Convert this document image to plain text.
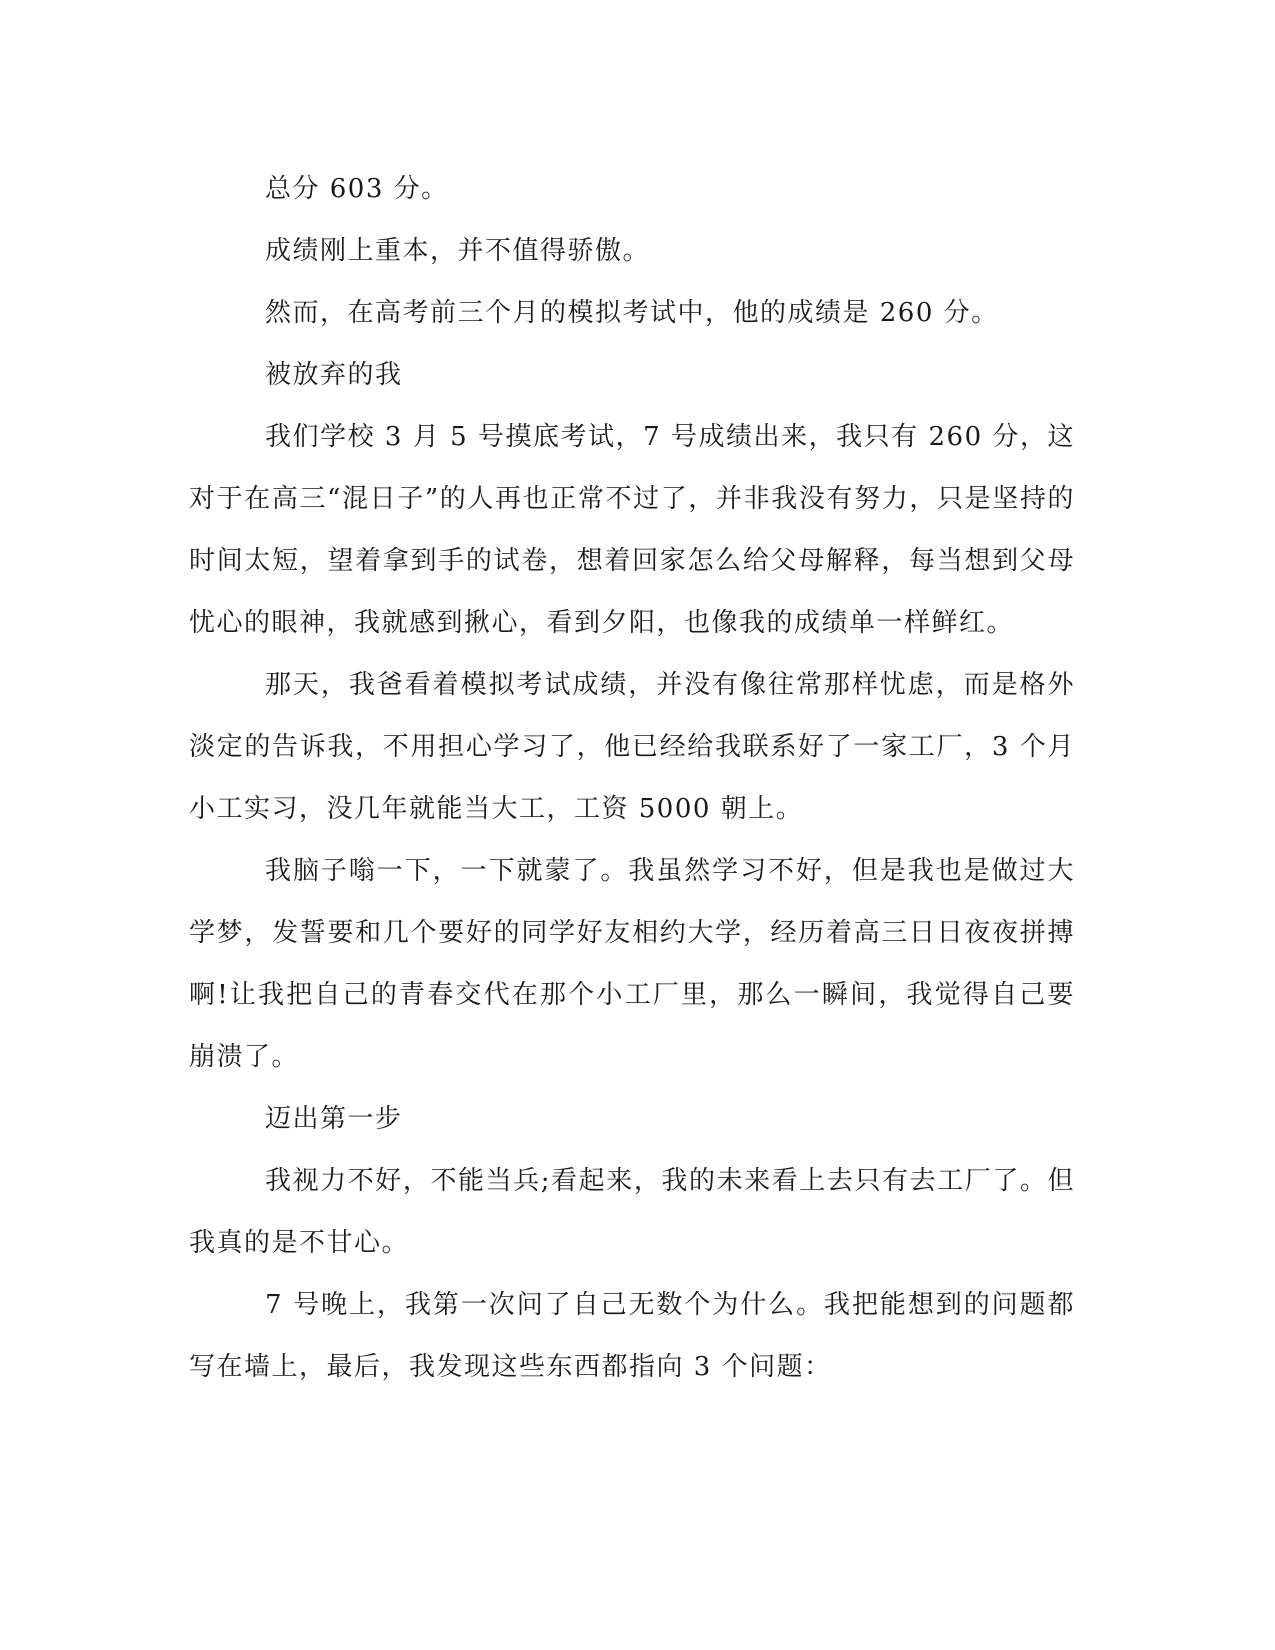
总分 603 分。

成绩刚上重本，并不值得骄傲。

然而，在高考前三个月的模拟考试中，他的成绩是 260 分。

被放弃的我

我们学校 3 月 5 号摸底考试，7 号成绩出来，我只有 260 分，这对于在高三“混日子”的人再也正常不过了，并非我没有努力，只是坚持的时间太短，望着拿到手的试卷，想着回家怎么给父母解释，每当想到父母忧心的眼神，我就感到揪心，看到夕阳，也像我的成绩单一样鲜红。

那天，我爸看着模拟考试成绩，并没有像往常那样忧虑，而是格外淡定的告诉我，不用担心学习了，他已经给我联系好了一家工厂，3 个月小工实习，没几年就能当大工，工资 5000 朝上。

我脑子嗡一下，一下就蒙了。我虽然学习不好，但是我也是做过大学梦，发誓要和几个要好的同学好友相约大学，经历着高三日日夜夜拼搏啊!让我把自己的青春交代在那个小工厂里，那么一瞬间，我觉得自己要崩溃了。

迈出第一步

我视力不好，不能当兵;看起来，我的未来看上去只有去工厂了。但我真的是不甘心。

7 号晚上，我第一次问了自己无数个为什么。我把能想到的问题都写在墙上，最后，我发现这些东西都指向 3 个问题：
